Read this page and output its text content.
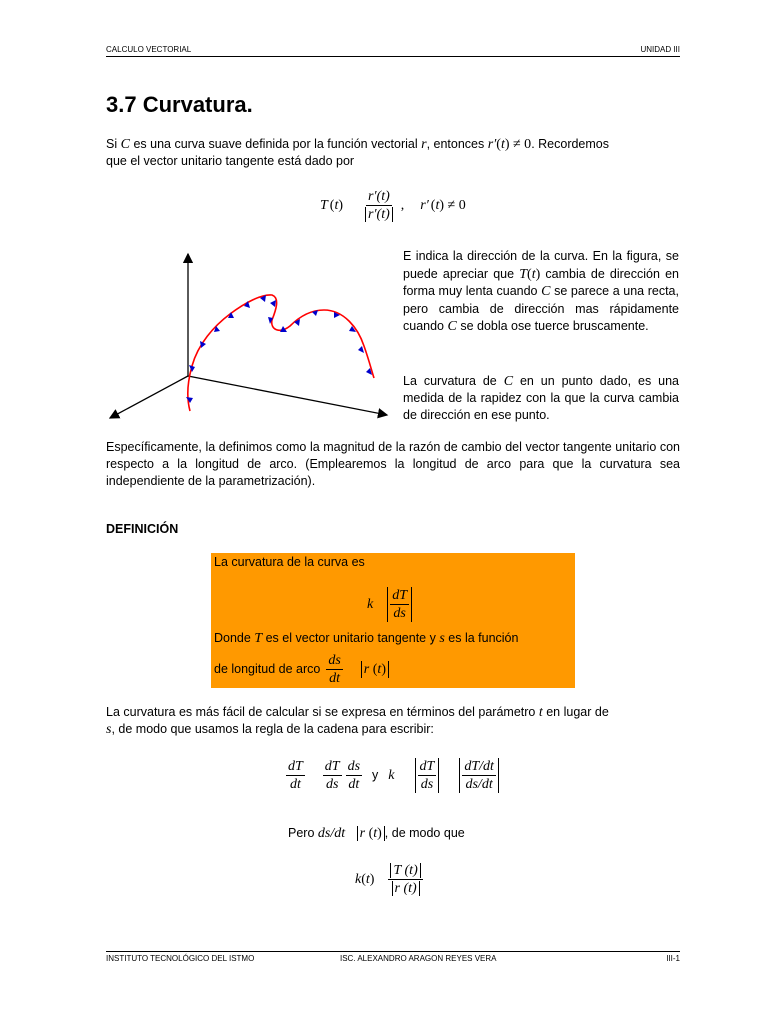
CALCULO VECTORIAL	UNIDAD III
3.7 Curvatura.
Si C es una curva suave definida por la función vectorial r, entonces r′(t) ≠ 0. Recordemos
que el vector unitario tangente está dado por
T $(t) \frac{r'(t)}{r'(t)}$ , r′ (t) ≠ 0
E indica la dirección de la curva. En la figura, se puede apreciar que T(t) cambia de dirección en forma muy lenta cuando C se parece a una recta, pero cambia de dirección mas rápidamente cuando C se dobla ose tuerce bruscamente.
La curvatura de C en un punto dado, es una medida de la rapidez con la que la curva cambia de dirección en ese punto.
Específicamente, la definimos como la magnitud de la razón de cambio del vector tangente unitario con respecto a la longitud de arco. (Emplearemos la longitud de arco para que la curvatura sea independiente de la parametrización).
DEFINICIÓN
La curvatura de la curva es
k $\frac{dT}{ds}$
Donde T es el vector unitario tangente y s es la función
de longitud de arco $\frac{ds}{dt}$ r (t)
La curvatura es más fácil de calcular si se expresa en términos del parámetro t en lugar de
s, de modo que usamos la regla de la cadena para escribir:
$\frac{dT}{dt} \frac{dT}{ds} \frac{ds}{dt}$ y k $\frac{dT}{ds} \frac{dT/dt}{ds/dt}$
Pero ds/dt r (t) , de modo que
k $(t) \frac{T (t)}{r (t)}$
INSTITUTO TECNOLÓGICO DEL ISTMO	ISC. ALEXANDRO ARAGON REYES VERA	III-1
